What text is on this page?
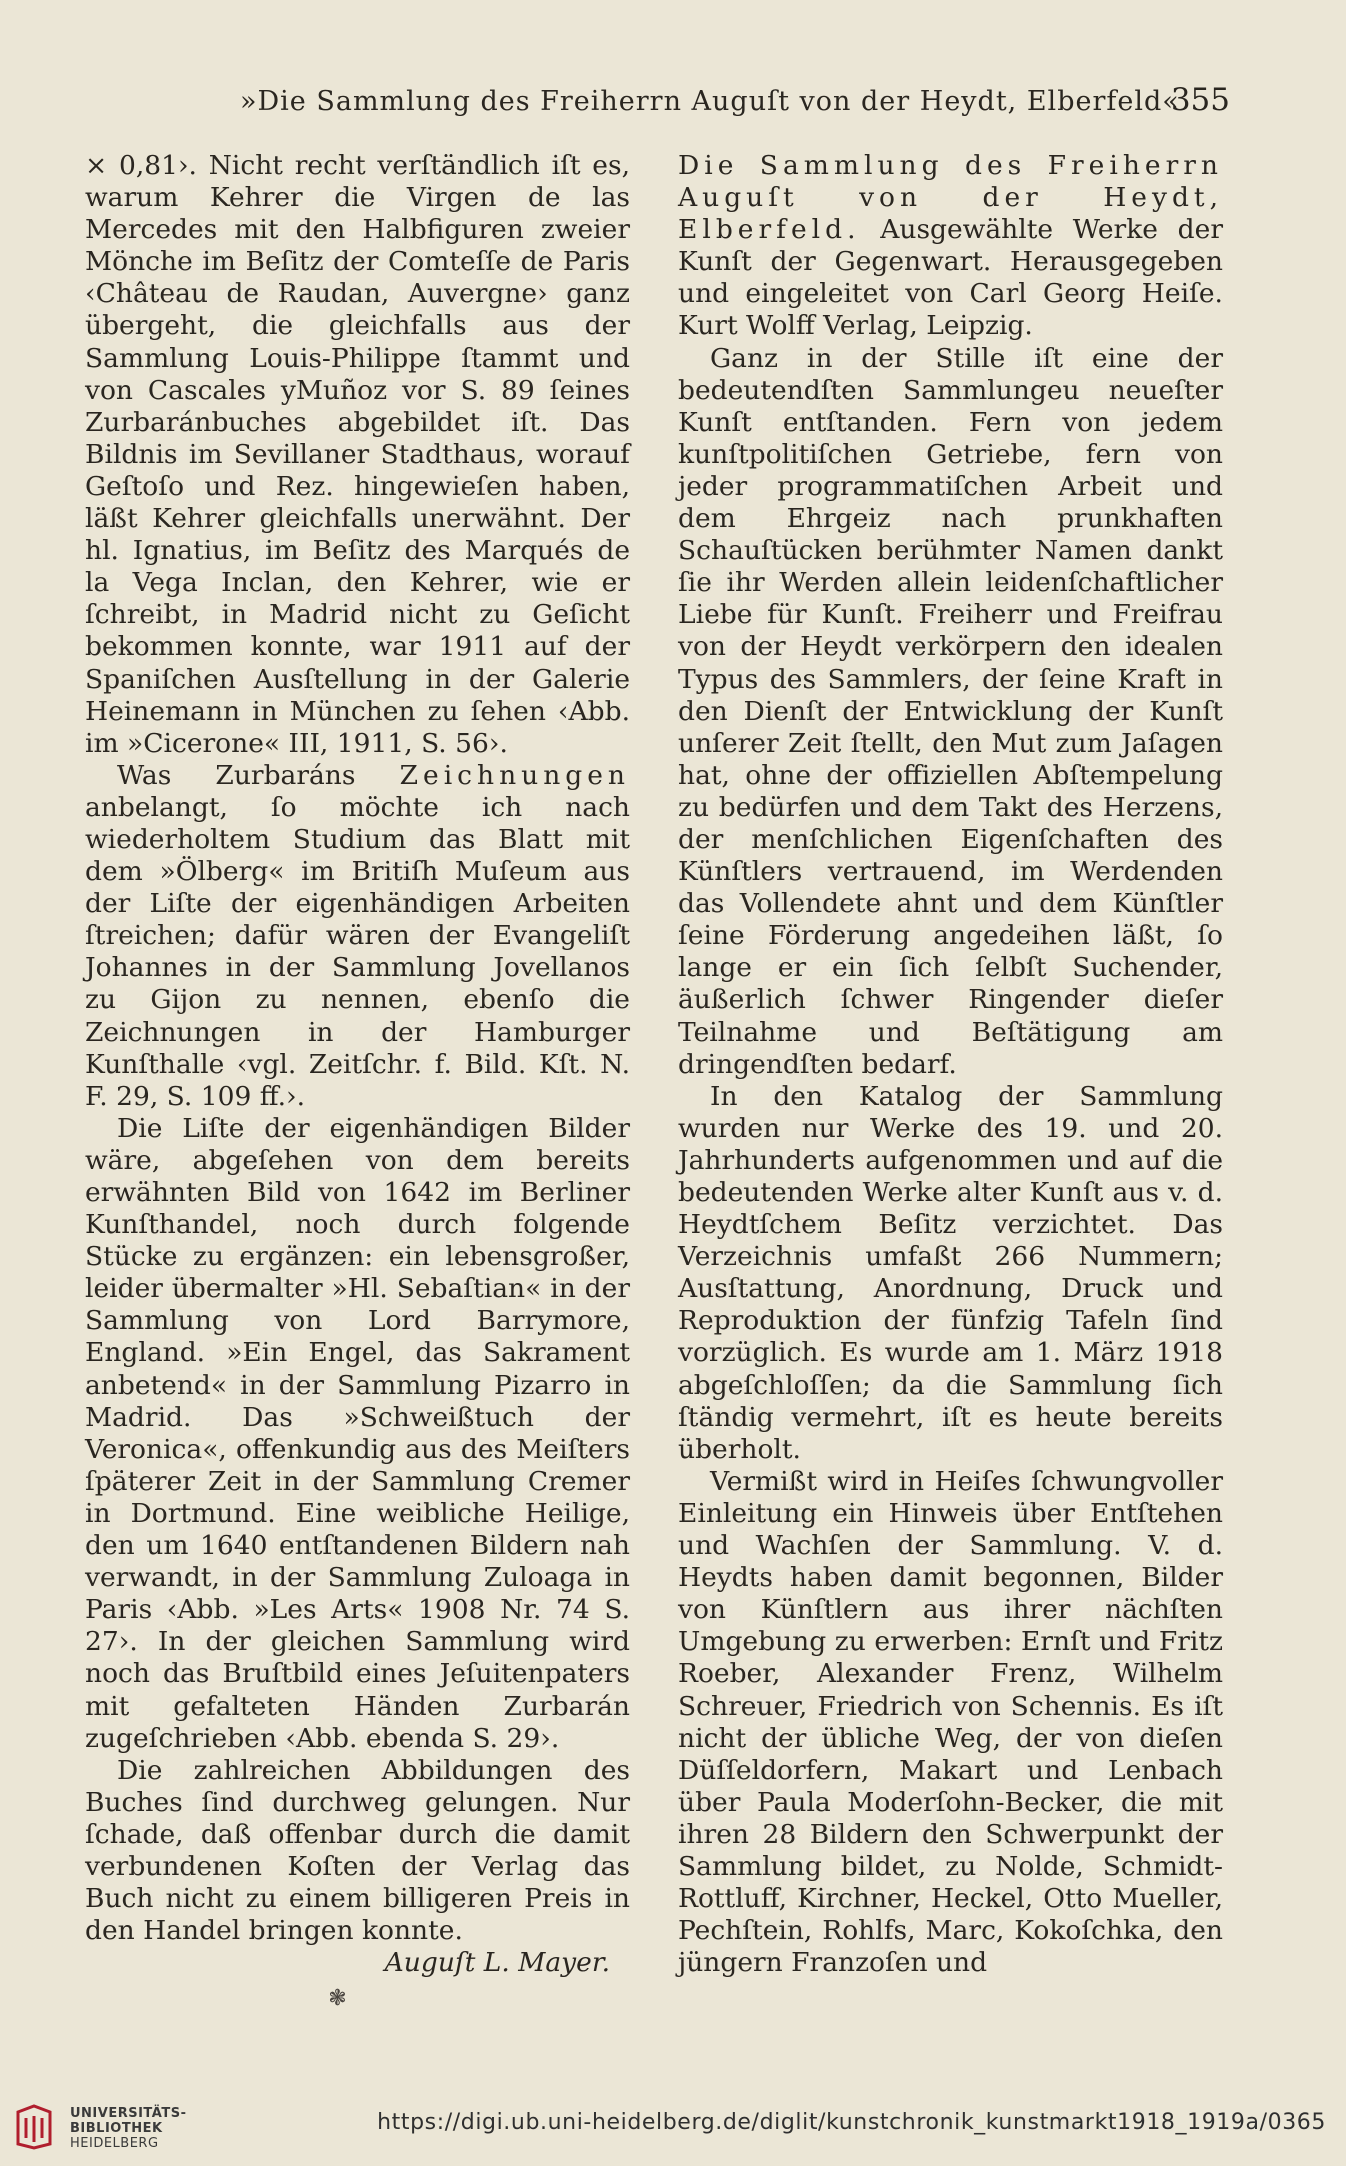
»Die Sammlung des Freiherrn Auguſt von der Heydt, Elberfeld«
355

× 0,81›. Nicht recht verſtändlich iſt es, warum Kehrer die Virgen de las Mercedes mit den Halbfiguren zweier Mönche im Beſitz der Comteſſe de Paris ‹Château de Raudan, Auvergne› ganz übergeht, die gleichfalls aus der Sammlung Louis-Philippe ſtammt und von Cascales yMuñoz vor S. 89 ſeines Zurbaránbuches abgebildet iſt. Das Bildnis im Sevillaner Stadthaus, worauf Geſtoſo und Rez. hingewieſen haben, läßt Kehrer gleichfalls unerwähnt. Der hl. Ignatius, im Beſitz des Marqués de la Vega Inclan, den Kehrer, wie er ſchreibt, in Madrid nicht zu Geſicht bekommen konnte, war 1911 auf der Spaniſchen Ausſtellung in der Galerie Heinemann in München zu ſehen ‹Abb. im »Cicerone« III, 1911, S. 56›.

Was Zurbaráns Zeichnungen anbelangt, ſo möchte ich nach wiederholtem Studium das Blatt mit dem »Ölberg« im Britiſh Muſeum aus der Liſte der eigenhändigen Arbeiten ſtreichen; dafür wären der Evangeliſt Johannes in der Sammlung Jovellanos zu Gijon zu nennen, ebenſo die Zeichnungen in der Hamburger Kunſthalle ‹vgl. Zeitſchr. f. Bild. Kſt. N. F. 29, S. 109 ff.›.

Die Liſte der eigenhändigen Bilder wäre, abgeſehen von dem bereits erwähnten Bild von 1642 im Berliner Kunſthandel, noch durch folgende Stücke zu ergänzen: ein lebensgroßer, leider übermalter »Hl. Sebaſtian« in der Sammlung von Lord Barrymore, England. »Ein Engel, das Sakrament anbetend« in der Sammlung Pizarro in Madrid. Das »Schweißtuch der Veronica«, offenkundig aus des Meiſters ſpäterer Zeit in der Sammlung Cremer in Dortmund. Eine weibliche Heilige, den um 1640 entſtandenen Bildern nah verwandt, in der Sammlung Zuloaga in Paris ‹Abb. »Les Arts« 1908 Nr. 74 S. 27›. In der gleichen Sammlung wird noch das Bruſtbild eines Jeſuitenpaters mit gefalteten Händen Zurbarán zugeſchrieben ‹Abb. ebenda S. 29›.

Die zahlreichen Abbildungen des Buches ſind durchweg gelungen. Nur ſchade, daß offenbar durch die damit verbundenen Koſten der Verlag das Buch nicht zu einem billigeren Preis in den Handel bringen konnte.

Auguſt L. Mayer.
❃

Die Sammlung des Freiherrn Auguſt von der Heydt, Elberfeld. Ausgewählte Werke der Kunſt der Gegenwart. Herausgegeben und eingeleitet von Carl Georg Heiſe. Kurt Wolff Verlag, Leipzig.

Ganz in der Stille iſt eine der bedeutendſten Sammlungeu neueſter Kunſt entſtanden. Fern von jedem kunſtpolitiſchen Getriebe, fern von jeder programmatiſchen Arbeit und dem Ehrgeiz nach prunkhaften Schauſtücken berühmter Namen dankt ſie ihr Werden allein leidenſchaftlicher Liebe für Kunſt. Freiherr und Freifrau von der Heydt verkörpern den idealen Typus des Sammlers, der ſeine Kraft in den Dienſt der Entwicklung der Kunſt unſerer Zeit ſtellt, den Mut zum Jaſagen hat, ohne der offiziellen Abſtempelung zu bedürfen und dem Takt des Herzens, der menſchlichen Eigenſchaften des Künſtlers vertrauend, im Werdenden das Vollendete ahnt und dem Künſtler ſeine Förderung angedeihen läßt, ſo lange er ein ſich ſelbſt Suchender, äußerlich ſchwer Ringender dieſer Teilnahme und Beſtätigung am dringendſten bedarf.

In den Katalog der Sammlung wurden nur Werke des 19. und 20. Jahrhunderts aufgenommen und auf die bedeutenden Werke alter Kunſt aus v. d. Heydtſchem Beſitz verzichtet. Das Verzeichnis umfaßt 266 Nummern; Ausſtattung, Anordnung, Druck und Reproduktion der fünfzig Tafeln ſind vorzüglich. Es wurde am 1. März 1918 abgeſchloſſen; da die Sammlung ſich ſtändig vermehrt, iſt es heute bereits überholt.

Vermißt wird in Heiſes ſchwungvoller Einleitung ein Hinweis über Entſtehen und Wachſen der Sammlung. V. d. Heydts haben damit begonnen, Bilder von Künſtlern aus ihrer nächſten Umgebung zu erwerben: Ernſt und Fritz Roeber, Alexander Frenz, Wilhelm Schreuer, Friedrich von Schennis. Es iſt nicht der übliche Weg, der von dieſen Düſſeldorfern, Makart und Lenbach über Paula Moderſohn-Becker, die mit ihren 28 Bildern den Schwerpunkt der Sammlung bildet, zu Nolde, Schmidt-Rottluff, Kirchner, Heckel, Otto Mueller, Pechſtein, Rohlfs, Marc, Kokoſchka, den jüngern Franzoſen und

UNIVERSITÄTS-
BIBLIOTHEK
HEIDELBERG
https://digi.ub.uni-heidelberg.de/diglit/kunstchronik_kunstmarkt1918_1919a/0365
